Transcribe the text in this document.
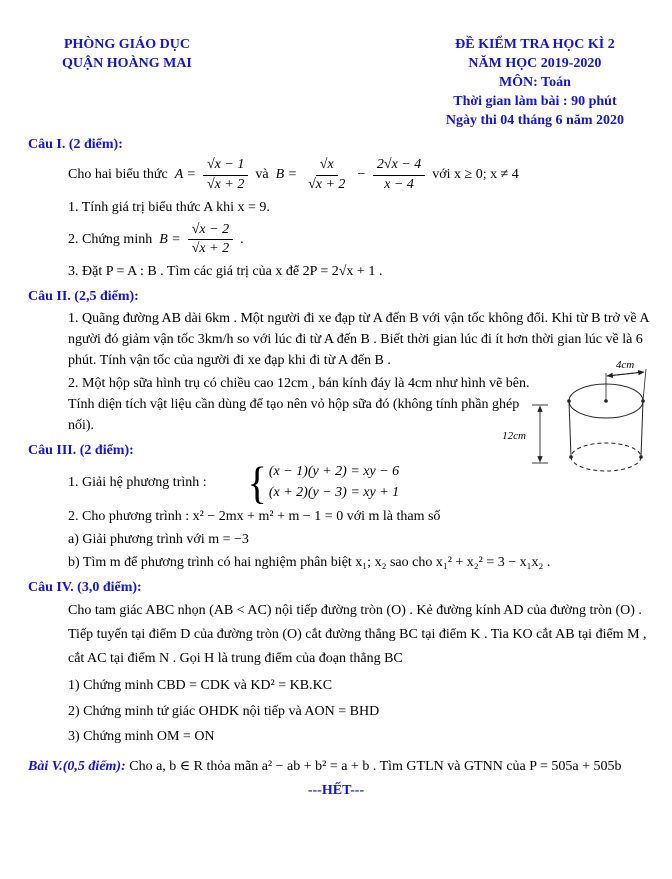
PHÒNG GIÁO DỤC
QUẬN HOÀNG MAI
ĐỀ KIỂM TRA HỌC KÌ 2
NĂM HỌC 2019-2020
MÔN: Toán
Thời gian làm bài : 90 phút
Ngày thi 04 tháng 6 năm 2020
Câu I. (2 điểm):
Cho hai biểu thức $A = \frac{√x - 1}{√x + 2}$ và $B = \frac{√x}{√x + 2} - \frac{2√x - 4}{x - 4}$ với x ≥ 0; x ≠ 4
1. Tính giá trị biểu thức A khi x = 9.
2. Chứng minh $B = \frac{√x - 2}{√x + 2}$ .
3. Đặt P = A : B . Tìm các giá trị của x để 2P = 2√x + 1 .
Câu II. (2,5 điểm):
1. Quãng đường AB dài 6km . Một người đi xe đạp từ A đến B với vận tốc không đổi. Khi từ B trở về A người đó giảm vận tốc 3km/h so với lúc đi từ A đến B . Biết thời gian lúc đi ít hơn thời gian lúc về là 6 phút. Tính vận tốc của người đi xe đạp khi đi từ A đến B .
2. Một hộp sữa hình trụ có chiều cao 12cm , bán kính đáy là 4cm như hình vẽ bên. Tính diện tích vật liệu cần dùng để tạo nên vỏ hộp sữa đó (không tính phần ghép nối).
4cm
12cm
Câu III. (2 điểm):
1. Giải hệ phương trình : { (x − 1)(y + 2) = xy − 6
(x + 2)(y − 3) = xy + 1
2. Cho phương trình : x² − 2mx + m² + m − 1 = 0 với m là tham số
a) Giải phương trình với m = −3
b) Tìm m để phương trình có hai nghiệm phân biệt x₁; x₂ sao cho x₁² + x₂² = 3 − x₁x₂ .
Câu IV. (3,0 điểm):
Cho tam giác ABC nhọn (AB < AC) nội tiếp đường tròn (O) . Kẻ đường kính AD của đường tròn (O) . Tiếp tuyến tại điểm D của đường tròn (O) cắt đường thẳng BC tại điểm K . Tia KO cắt AB tại điểm M , cắt AC tại điểm N . Gọi H là trung điểm của đoạn thẳng BC
1) Chứng minh CBD = CDK và KD² = KB.KC
2) Chứng minh tứ giác OHDK nội tiếp và AON = BHD
3) Chứng minh OM = ON
Bài V.(0,5 điểm): Cho a, b ∈ R thỏa mãn a² − ab + b² = a + b . Tìm GTLN và GTNN của P = 505a + 505b
---HẾT---
